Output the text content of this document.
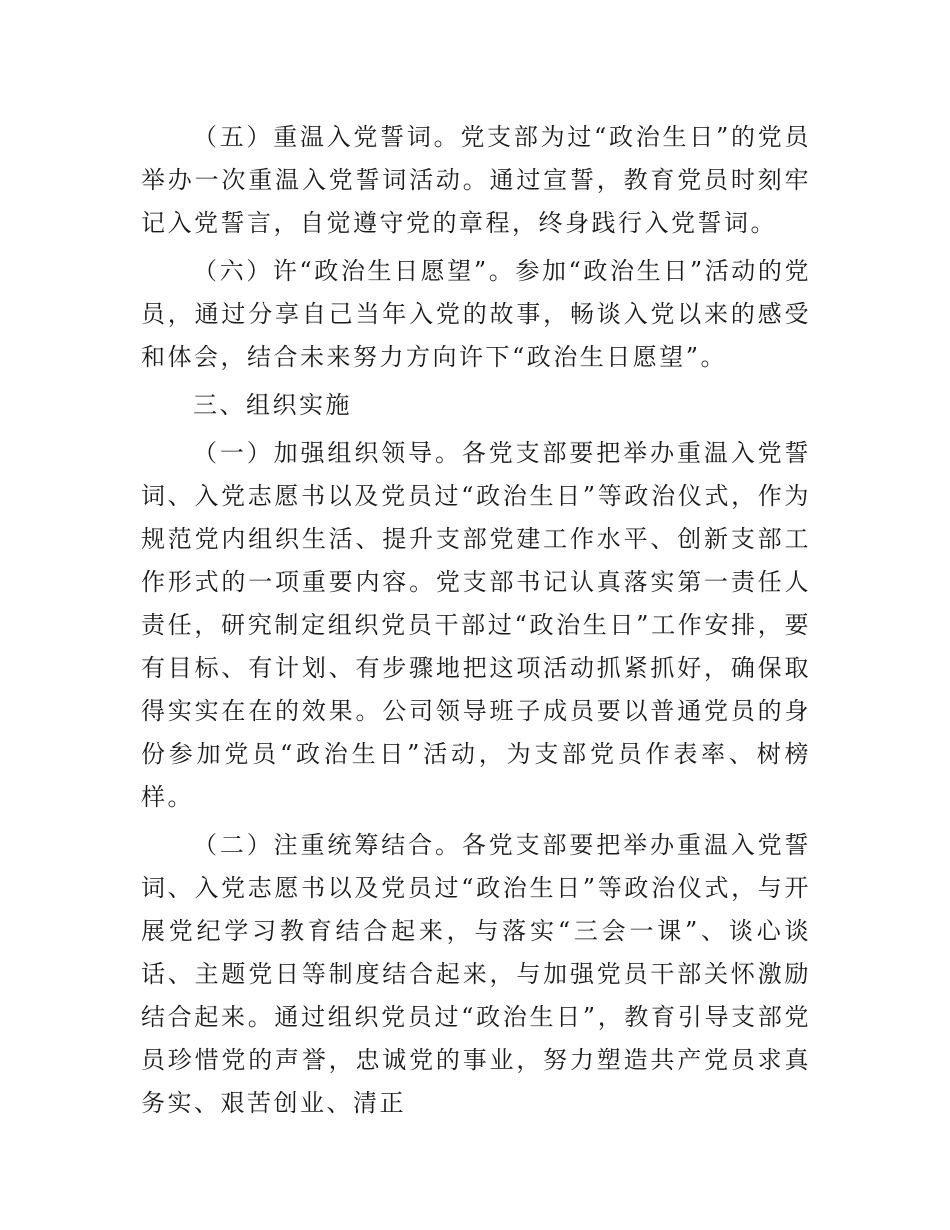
（五）重温入党誓词。党支部为过“政治生日”的党员举办一次重温入党誓词活动。通过宣誓，教育党员时刻牢记入党誓言，自觉遵守党的章程，终身践行入党誓词。

（六）许“政治生日愿望”。参加“政治生日”活动的党员，通过分享自己当年入党的故事，畅谈入党以来的感受和体会，结合未来努力方向许下“政治生日愿望”。

三、组织实施

（一）加强组织领导。各党支部要把举办重温入党誓词、入党志愿书以及党员过“政治生日”等政治仪式，作为规范党内组织生活、提升支部党建工作水平、创新支部工作形式的一项重要内容。党支部书记认真落实第一责任人责任，研究制定组织党员干部过“政治生日”工作安排，要有目标、有计划、有步骤地把这项活动抓紧抓好，确保取得实实在在的效果。公司领导班子成员要以普通党员的身份参加党员“政治生日”活动，为支部党员作表率、树榜样。

（二）注重统筹结合。各党支部要把举办重温入党誓词、入党志愿书以及党员过“政治生日”等政治仪式，与开展党纪学习教育结合起来，与落实“三会一课”、谈心谈话、主题党日等制度结合起来，与加强党员干部关怀激励结合起来。通过组织党员过“政治生日”，教育引导支部党员珍惜党的声誉，忠诚党的事业，努力塑造共产党员求真务实、艰苦创业、清正
